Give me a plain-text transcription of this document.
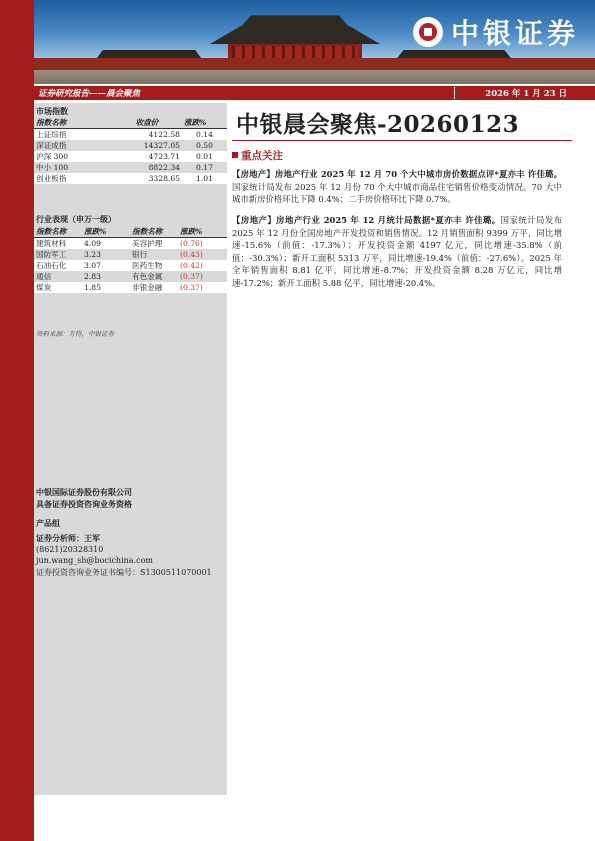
中银证券
证券研究报告——晨会聚焦	2026 年 1 月 23 日
市场指数
指数名称	收盘价	涨跌%
上证综指	4122.58	0.14
深证成指	14327.05	0.50
沪深 300	4723.71	0.01
中小 100	8822.34	0.17
创业板指	3328.65	1.01
行业表现（申万一级）
指数名称	涨跌%	指数名称	涨跌%
建筑材料	4.09	美容护理	(0.76)
国防军工	3.23	银行	(0.43)
石油石化	3.07	医药生物	(0.42)
通信	2.83	有色金属	(0.37)
煤炭	1.85	非银金融	(0.37)
资料来源：万得，中银证券
中银国际证券股份有限公司
具备证券投资咨询业务资格
产品组
证券分析师：王军
(8621)20328310
jun.wang_sh@bocichina.com
证券投资咨询业务证书编号：S1300511070001
中银晨会聚焦-20260123
重点关注
【房地产】房地产行业 2025 年 12 月 70 个大中城市房价数据点评*夏亦丰 许佳璐。国家统计局发布 2025 年 12 月份 70 个大中城市商品住宅销售价格变动情况。70 大中城市新房价格环比下降 0.4%；二手房价格环比下降 0.7%。
【房地产】房地产行业 2025 年 12 月统计局数据*夏亦丰 许佳璐。国家统计局发布 2025 年 12 月份全国房地产开发投资和销售情况。12 月销售面积 9399 万平，同比增速-15.6%（前值：-17.3%）；开发投资金额 4197 亿元，同比增速-35.8%（前值：-30.3%）；新开工面积 5313 万平，同比增速-19.4%（前值：-27.6%）。2025 年全年销售面积 8.81 亿平，同比增速-8.7%；开发投资金额 8.28 万亿元，同比增速-17.2%；新开工面积 5.88 亿平，同比增速-20.4%。
